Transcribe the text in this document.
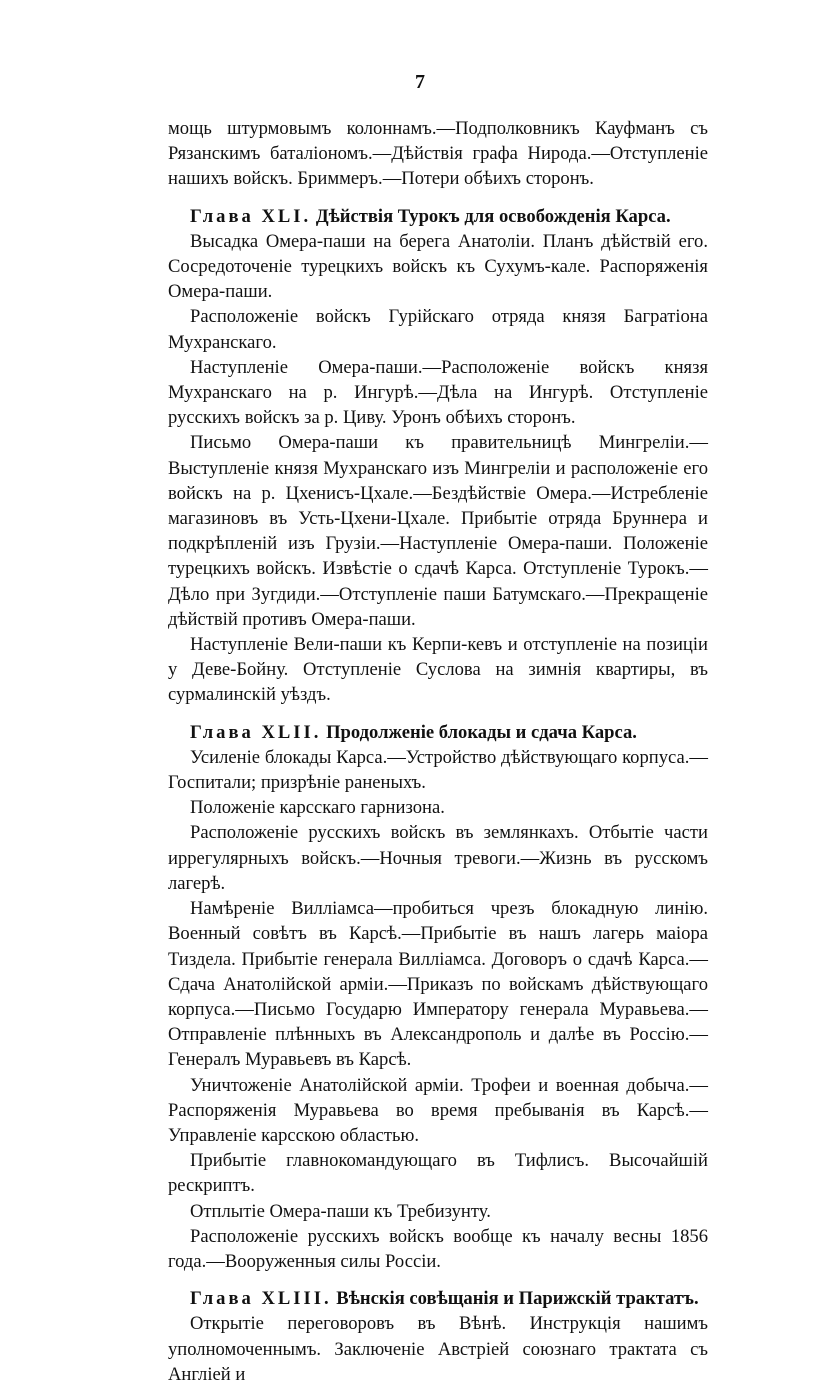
7

мощь штурмовымъ колоннамъ.—Подполковникъ Кауфманъ съ Рязанскимъ баталіономъ.—Дѣйствія графа Нирода.—Отступленіе нашихъ войскъ. Бриммеръ.—Потери обѣихъ сторонъ.

Глава XLI. Дѣйствія Турокъ для освобожденія Карса.

Высадка Омера-паши на берега Анатоліи. Планъ дѣйствій его. Сосредоточеніе турецкихъ войскъ къ Сухумъ-кале. Распоряженія Омера-паши.

Расположеніе войскъ Гурійскаго отряда князя Багратіона Мухранскаго.

Наступленіе Омера-паши.—Расположеніе войскъ князя Мухранскаго на р. Ингурѣ.—Дѣла на Ингурѣ. Отступленіе русскихъ войскъ за р. Циву. Уронъ обѣихъ сторонъ.

Письмо Омера-паши къ правительницѣ Мингреліи.—Выступленіе князя Мухранскаго изъ Мингреліи и расположеніе его войскъ на р. Цхенисъ-Цхале.—Бездѣйствіе Омера.—Истребленіе магазиновъ въ Усть-Цхени-Цхале. Прибытіе отряда Бруннера и подкрѣпленій изъ Грузіи.—Наступленіе Омера-паши. Положеніе турецкихъ войскъ. Извѣстіе о сдачѣ Карса. Отступленіе Турокъ.—Дѣло при Зугдиди.—Отступленіе паши Батумскаго.—Прекращеніе дѣйствій противъ Омера-паши.

Наступленіе Вели-паши къ Керпи-кевъ и отступленіе на позиціи у Деве-Бойну. Отступленіе Суслова на зимнія квартиры, въ сурмалинскій уѣздъ.

Глава XLII. Продолженіе блокады и сдача Карса.

Усиленіе блокады Карса.—Устройство дѣйствующаго корпуса.—Госпитали; призрѣніе раненыхъ.

Положеніе карсскаго гарнизона.

Расположеніе русскихъ войскъ въ землянкахъ. Отбытіе части иррегулярныхъ войскъ.—Ночныя тревоги.—Жизнь въ русскомъ лагерѣ.

Намѣреніе Вилліамса—пробиться чрезъ блокадную линію. Военный совѣтъ въ Карсѣ.—Прибытіе въ нашъ лагерь маіора Тиздела. Прибытіе генерала Вилліамса. Договоръ о сдачѣ Карса.—Сдача Анатолійской арміи.—Приказъ по войскамъ дѣйствующаго корпуса.—Письмо Государю Императору генерала Муравьева.—Отправленіе плѣнныхъ въ Александрополь и далѣе въ Россію.—Генералъ Муравьевъ въ Карсѣ.

Уничтоженіе Анатолійской арміи. Трофеи и военная добыча.—Распоряженія Муравьева во время пребыванія въ Карсѣ.—Управленіе карсскою областью.

Прибытіе главнокомандующаго въ Тифлисъ. Высочайшій рескриптъ.

Отплытіе Омера-паши къ Требизунту.

Расположеніе русскихъ войскъ вообще къ началу весны 1856 года.—Вооруженныя силы Россіи.

Глава XLIII. Вѣнскія совѣщанія и Парижскій трактатъ.

Открытіе переговоровъ въ Вѣнѣ. Инструкція нашимъ уполномоченнымъ. Заключеніе Австріей союзнаго трактата съ Англіей и
